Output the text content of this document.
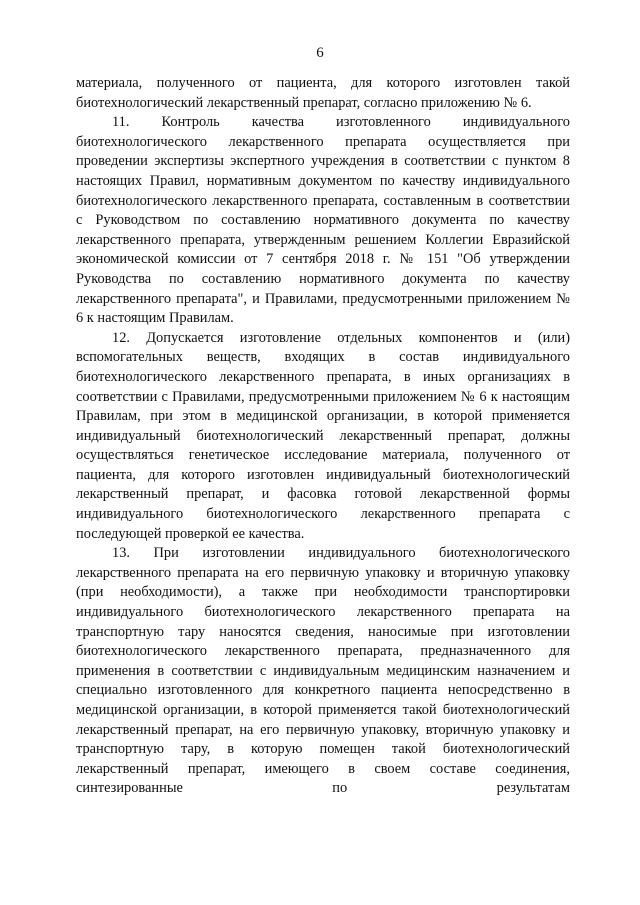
6

материала, полученного от пациента, для которого изготовлен такой биотехнологический лекарственный препарат, согласно приложению № 6.

11. Контроль качества изготовленного индивидуального биотехнологического лекарственного препарата осуществляется при проведении экспертизы экспертного учреждения в соответствии с пунктом 8 настоящих Правил, нормативным документом по качеству индивидуального биотехнологического лекарственного препарата, составленным в соответствии с Руководством по составлению нормативного документа по качеству лекарственного препарата, утвержденным решением Коллегии Евразийской экономической комиссии от 7 сентября 2018 г. № 151 "Об утверждении Руководства по составлению нормативного документа по качеству лекарственного препарата", и Правилами, предусмотренными приложением № 6 к настоящим Правилам.

12. Допускается изготовление отдельных компонентов и (или) вспомогательных веществ, входящих в состав индивидуального биотехнологического лекарственного препарата, в иных организациях в соответствии с Правилами, предусмотренными приложением № 6 к настоящим Правилам, при этом в медицинской организации, в которой применяется индивидуальный биотехнологический лекарственный препарат, должны осуществляться генетическое исследование материала, полученного от пациента, для которого изготовлен индивидуальный биотехнологический лекарственный препарат, и фасовка готовой лекарственной формы индивидуального биотехнологического лекарственного препарата с последующей проверкой ее качества.

13. При изготовлении индивидуального биотехнологического лекарственного препарата на его первичную упаковку и вторичную упаковку (при необходимости), а также при необходимости транспортировки индивидуального биотехнологического лекарственного препарата на транспортную тару наносятся сведения, наносимые при изготовлении биотехнологического лекарственного препарата, предназначенного для применения в соответствии с индивидуальным медицинским назначением и специально изготовленного для конкретного пациента непосредственно в медицинской организации, в которой применяется такой биотехнологический лекарственный препарат, на его первичную упаковку, вторичную упаковку и транспортную тару, в которую помещен такой биотехнологический лекарственный препарат, имеющего в своем составе соединения, синтезированные по результатам
